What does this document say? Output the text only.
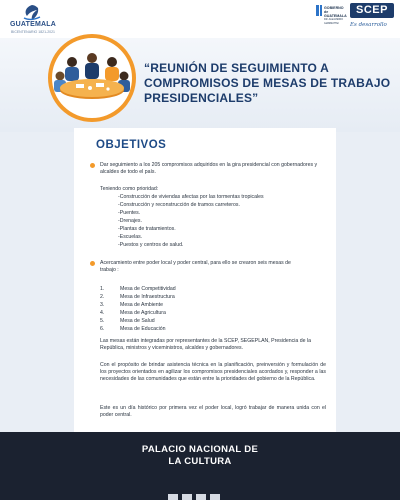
GUATEMALA
BICENTENARIO 1821-2021
GOBIERNO de
GUATEMALA
DR. ALEJANDRO GIAMMATTEI
SCEP
Es desarrollo
“REUNIÓN DE SEGUIMIENTO A COMPROMISOS DE MESAS DE TRABAJO PRESIDENCIALES”
OBJETIVOS
Dar seguimiento a los 205 compromisos adquiridos en la gira presidencial con gobernadores y alcaldes de todo el país.
Teniendo como prioridad:
-Construcción de viviendas afectas por las tormentas tropicales
-Construcción y reconstrucción de tramos carreteros.
-Puentes.
-Drenajes.
-Plantas de tratamientos.
-Escuelas.
-Puestos y centros de salud.
Acercamiento entre poder local y poder central, para ello se crearon seis mesas de trabajo :
1.	Mesa de Competitividad
2.	Mesa de Infraestructura
3.	Mesa de Ambiente
4.	Mesa de Agricultura
5.	Mesa de Salud
6.	Mesa de Educación
Las mesas están integradas por representantes de la SCEP, SEGEPLAN, Presidencia de la República, ministros y viceministros, alcaldes y gobernadores.
Con el propósito de brindar asistencia técnica en la planificación, preinversión y formulación de los proyectos orientados en agilizar los compromisos presidenciales acordados y, responder a las necesidades de las comunidades que están entre la prioridades del gobierno de la República.
Este es un día histórico por primera vez el poder local, logró trabajar de manera unida con el poder central.
PALACIO NACIONAL DE LA CULTURA
